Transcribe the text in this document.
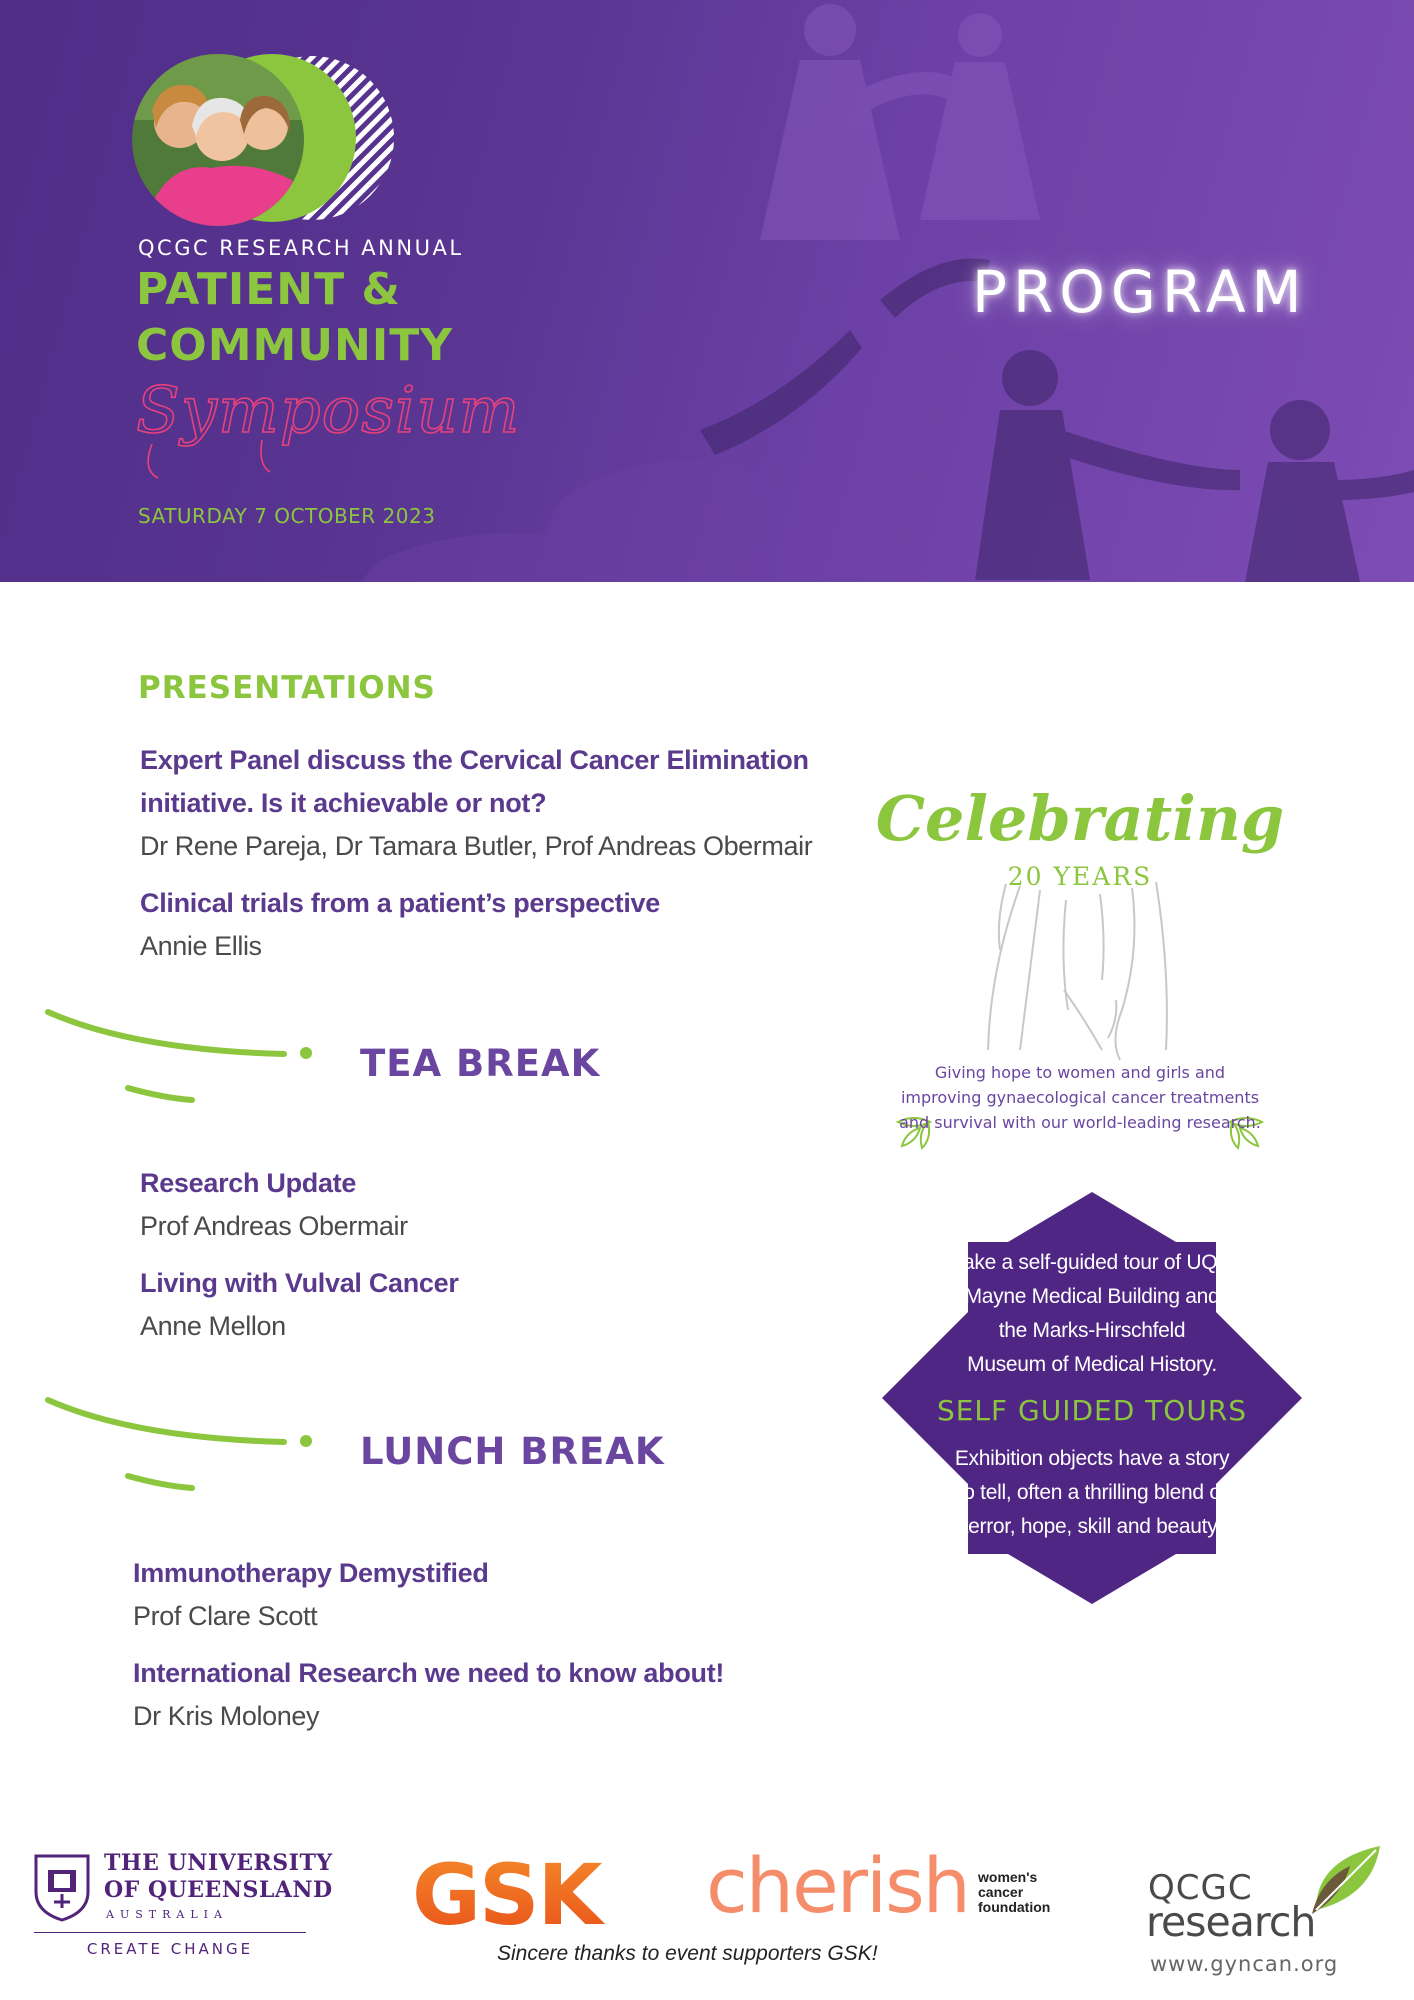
QCGC RESEARCH ANNUAL
PATIENT &
COMMUNITY
Symposium
SATURDAY 7 OCTOBER 2023
PROGRAM
PRESENTATIONS
Expert Panel discuss the Cervical Cancer Elimination
initiative. Is it achievable or not?
Dr Rene Pareja, Dr Tamara Butler, Prof Andreas Obermair
Clinical trials from a patient’s perspective
Annie Ellis
TEA BREAK
Research Update
Prof Andreas Obermair
Living with Vulval Cancer
Anne Mellon
LUNCH BREAK
Immunotherapy Demystified
Prof Clare Scott
International Research we need to know about!
Dr Kris Moloney
Celebrating
20 YEARS
Giving hope to women and girls and
improving gynaecological cancer treatments
and survival with our world-leading research.
Take a self-guided tour of UQ's
Mayne Medical Building and
the Marks-Hirschfeld
Museum of Medical History.
SELF GUIDED TOURS
Exhibition objects have a story
to tell, often a thrilling blend of
terror, hope, skill and beauty.
THE UNIVERSITY
OF QUEENSLAND
AUSTRALIA
CREATE CHANGE
GSK cherish women's
cancer
foundation
Sincere thanks to event supporters GSK!
QCGC
research
www.gyncan.org
